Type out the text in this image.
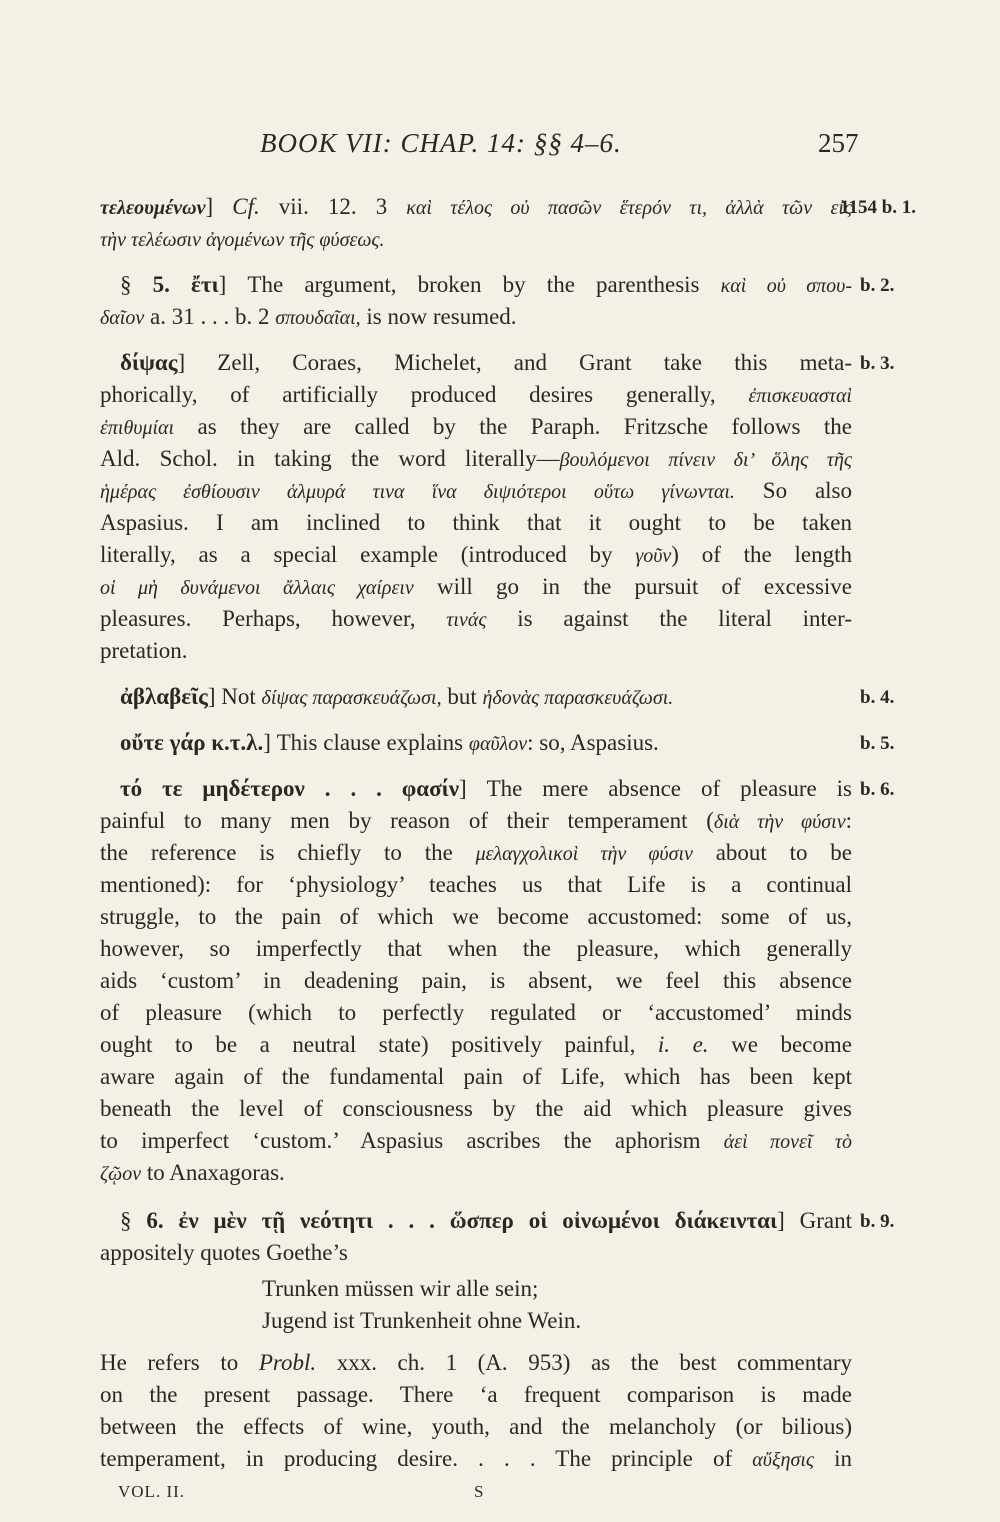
BOOK VII: CHAP. 14: §§ 4–6.	257
τελεουμένων] Cf. vii. 12. 3 καὶ τέλος οὐ πασῶν ἕτερόν τι, ἀλλὰ τῶν εἰς
τὴν τελέωσιν ἀγομένων τῆς φύσεως.
§ 5. ἔτι] The argument, broken by the parenthesis καὶ οὐ σπου-
δαῖον a. 31 . . . b. 2 σπουδαῖαι, is now resumed.
δίψας] Zell, Coraes, Michelet, and Grant take this meta-
phorically, of artificially produced desires generally, ἐπισκευασταὶ
ἐπιθυμίαι as they are called by the Paraph. Fritzsche follows the
Ald. Schol. in taking the word literally—βουλόμενοι πίνειν δι’ ὅλης τῆς
ἡμέρας ἐσθίουσιν ἁλμυρά τινα ἵνα διψιότεροι οὕτω γίνωνται. So also
Aspasius. I am inclined to think that it ought to be taken
literally, as a special example (introduced by γοῦν) of the length
οἱ μὴ δυνάμενοι ἄλλαις χαίρειν will go in the pursuit of excessive
pleasures. Perhaps, however, τινάς is against the literal inter-
pretation.
ἀβλαβεῖς] Not δίψας παρασκευάζωσι, but ἡδονὰς παρασκευάζωσι.
οὔτε γάρ κ.τ.λ.] This clause explains φαῦλον: so, Aspasius.
τό τε μηδέτερον . . . φασίν] The mere absence of pleasure is
painful to many men by reason of their temperament (διὰ τὴν φύσιν:
the reference is chiefly to the μελαγχολικοὶ τὴν φύσιν about to be
mentioned): for ‘physiology’ teaches us that Life is a continual
struggle, to the pain of which we become accustomed: some of us,
however, so imperfectly that when the pleasure, which generally
aids ‘custom’ in deadening pain, is absent, we feel this absence
of pleasure (which to perfectly regulated or ‘accustomed’ minds
ought to be a neutral state) positively painful, i. e. we become
aware again of the fundamental pain of Life, which has been kept
beneath the level of consciousness by the aid which pleasure gives
to imperfect ‘custom.’ Aspasius ascribes the aphorism ἀεὶ πονεῖ τὸ
ζῷον to Anaxagoras.
§ 6. ἐν μὲν τῇ νεότητι . . . ὥσπερ οἱ οἰνωμένοι διάκεινται] Grant
appositely quotes Goethe’s
Trunken müssen wir alle sein;
Jugend ist Trunkenheit ohne Wein.
He refers to Probl. xxx. ch. 1 (Α. 953) as the best commentary
on the present passage. There ‘a frequent comparison is made
between the effects of wine, youth, and the melancholy (or bilious)
temperament, in producing desire. . . . The principle of αὔξησις in
1154 b. 1.
b. 2.
b. 3.
b. 4.
b. 5.
b. 6.
b. 9.
VOL. II.	S
